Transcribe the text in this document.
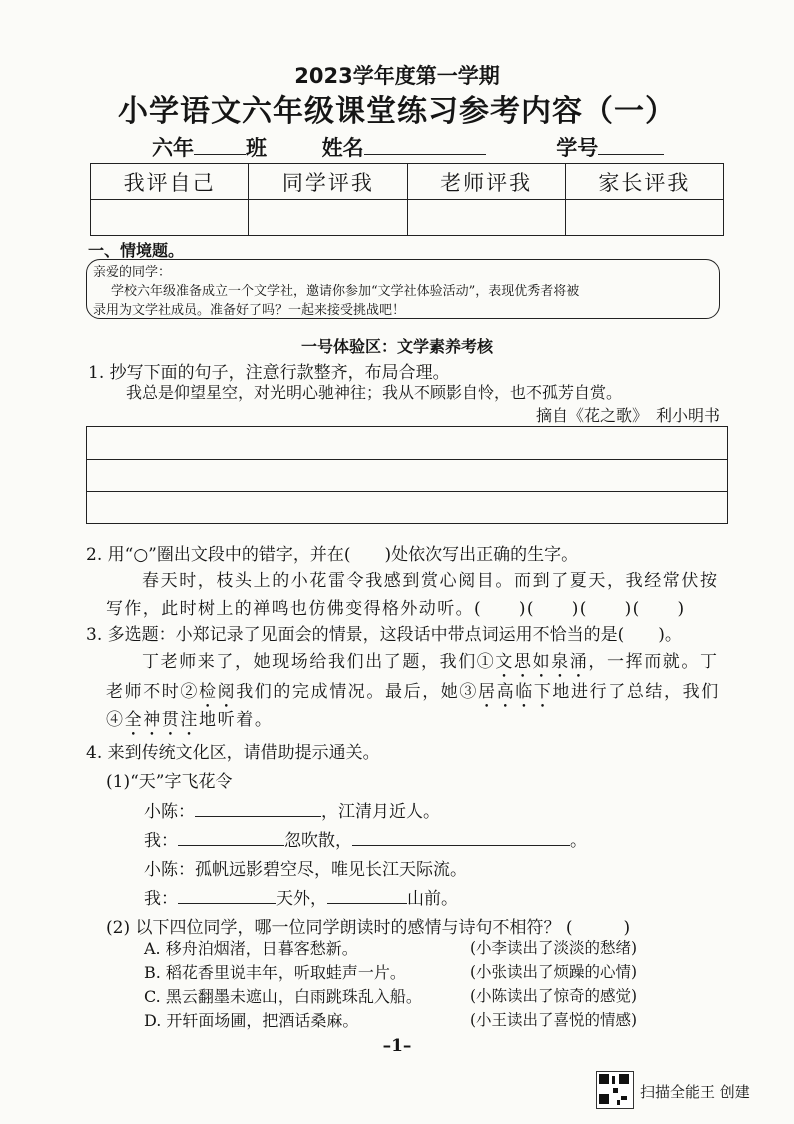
2023学年度第一学期
小学语文六年级课堂练习参考内容（一）
六年 班	姓名	学号
我评自己	同学评我	老师评我	家长评我

一、情境题。
亲爱的同学：
学校六年级准备成立一个文学社，邀请你参加“文学社体验活动”，表现优秀者将被
录用为文学社成员。准备好了吗？一起来接受挑战吧！
一号体验区：文学素养考核
1. 抄写下面的句子，注意行款整齐，布局合理。
我总是仰望星空，对光明心驰神往；我从不顾影自怜，也不孤芳自赏。
摘自《花之歌》　利小明书
2. 用“○”圈出文段中的错字，并在(　　)处依次写出正确的生字。
春天时，枝头上的小花雷令我感到赏心阅目。而到了夏天，我经常伏按
写作，此时树上的禅鸣也仿佛变得格外动听。(　　)(　　)(　　)(　　)
3. 多选题：小郑记录了见面会的情景，这段话中带点词运用不恰当的是(　　)。
丁老师来了，她现场给我们出了题，我们①文思如泉涌，一挥而就。丁
老师不时②检阅我们的完成情况。最后，她③居高临下地进行了总结，我们
④全神贯注地听着。
4. 来到传统文化区，请借助提示通关。
(1)“天”字飞花令
小陈：	，江清月近人。
我：	忽吹散，	。
小陈：孤帆远影碧空尽，唯见长江天际流。
我：	天外，	山前。
(2) 以下四位同学，哪一位同学朗读时的感情与诗句不相符？ (　　　)
A. 移舟泊烟渚，日暮客愁新。	(小李读出了淡淡的愁绪)
B. 稻花香里说丰年，听取蛙声一片。	(小张读出了烦躁的心情)
C. 黑云翻墨未遮山，白雨跳珠乱入船。	(小陈读出了惊奇的感觉)
D. 开轩面场圃，把酒话桑麻。	(小王读出了喜悦的情感)
–1–
扫描全能王 创建
